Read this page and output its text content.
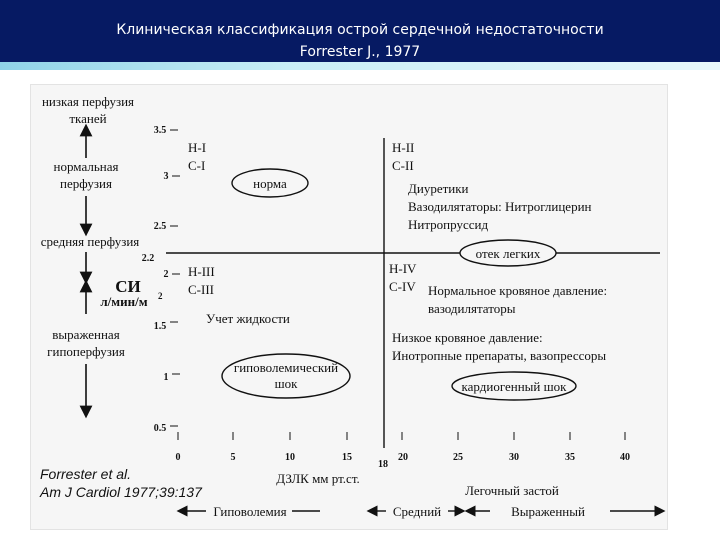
Клиническая классификация острой сердечной недостаточности
Forrester J., 1977
низкая перфузия
тканей
нормальная
перфузия
средняя перфузия
выраженная
гипоперфузия
СИ
л/мин/м 2
3.5
3
2.5
2.2
2
1.5
1
0.5
0	5	10	15
18
20	25	30	35	40
ДЗЛК мм рт.ст.
Легочный застой
H-I
C-I
норма
H-II
C-II
Диуретики
Вазодилятаторы: Нитроглицерин
Нитропруссид
отек легких
H-III
C-III
Учет жидкости
гиповолемический
шок
H-IV
C-IV Нормальное кровяное давление:
вазодилятаторы
Низкое кровяное давление:
Инотропные препараты, вазопрессоры
кардиогенный шок
Forrester et al.
Am J Cardiol 1977;39:137
Гиповолемия	Средний	Выраженный
